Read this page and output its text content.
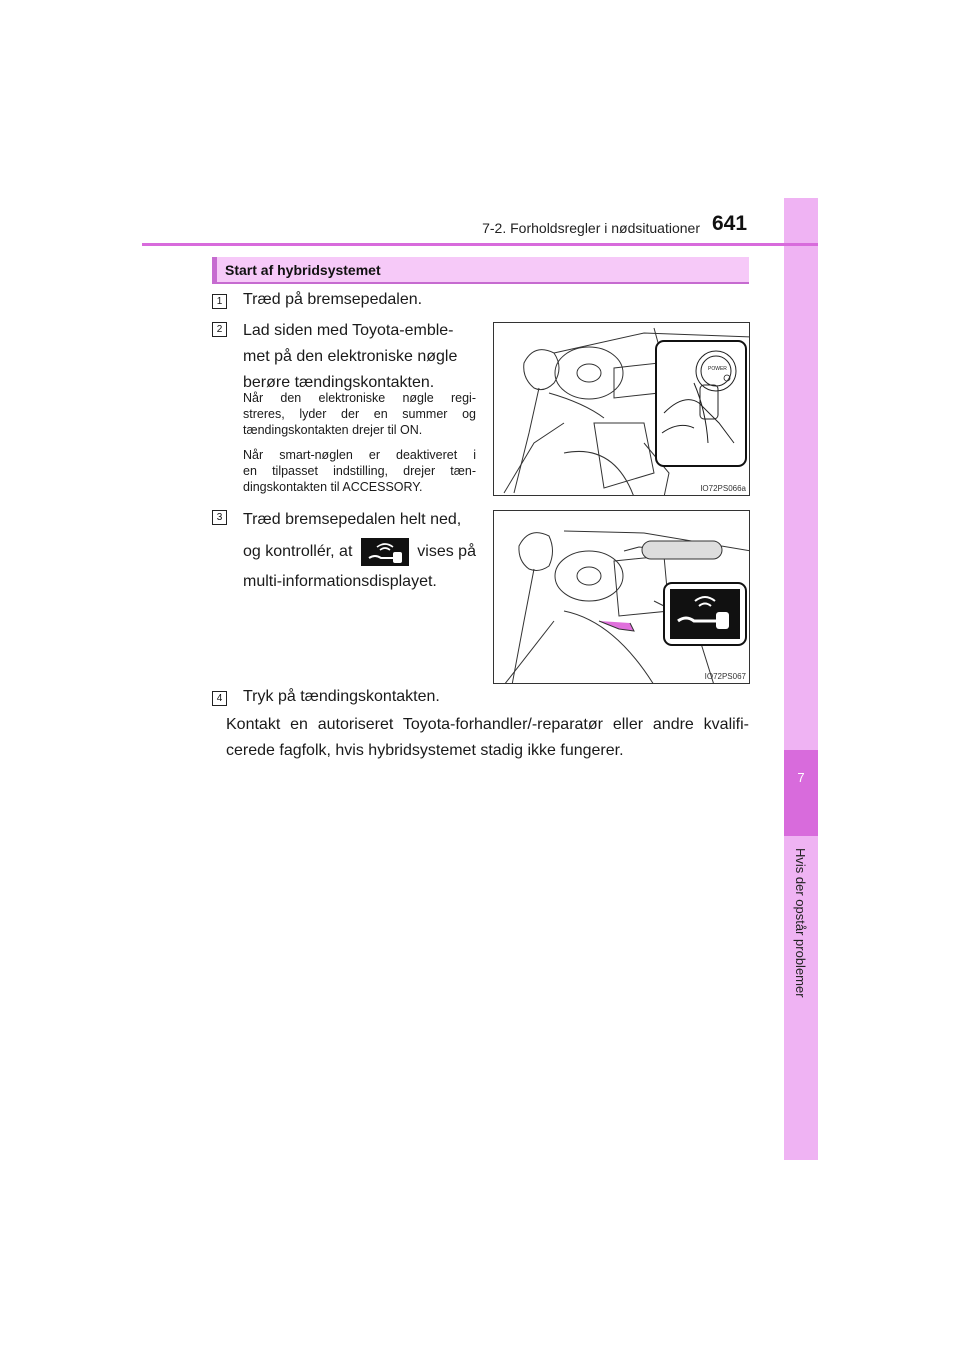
7
Hvis der opstår problemer
7-2. Forholdsregler i nødsituationer 641
Start af hybridsystemet
1 Træd på bremsepedalen.
2 Lad siden med Toyota-emble-
met på den elektroniske nøgle
berøre tændingskontakten.
Når den elektroniske nøgle regi-
streres, lyder der en summer og
tændingskontakten drejer til ON.
Når smart-nøglen er deaktiveret i
en tilpasset indstilling, drejer tæn-
dingskontakten til ACCESSORY.
POWER
IO72PS066a
3 Træd bremsepedalen helt ned,
og kontrollér, at	vises på
multi-informationsdisplayet.
IO72PS067
4 Tryk på tændingskontakten.
Kontakt en autoriseret Toyota-forhandler/-reparatør eller andre kvalifi-
cerede fagfolk, hvis hybridsystemet stadig ikke fungerer.
